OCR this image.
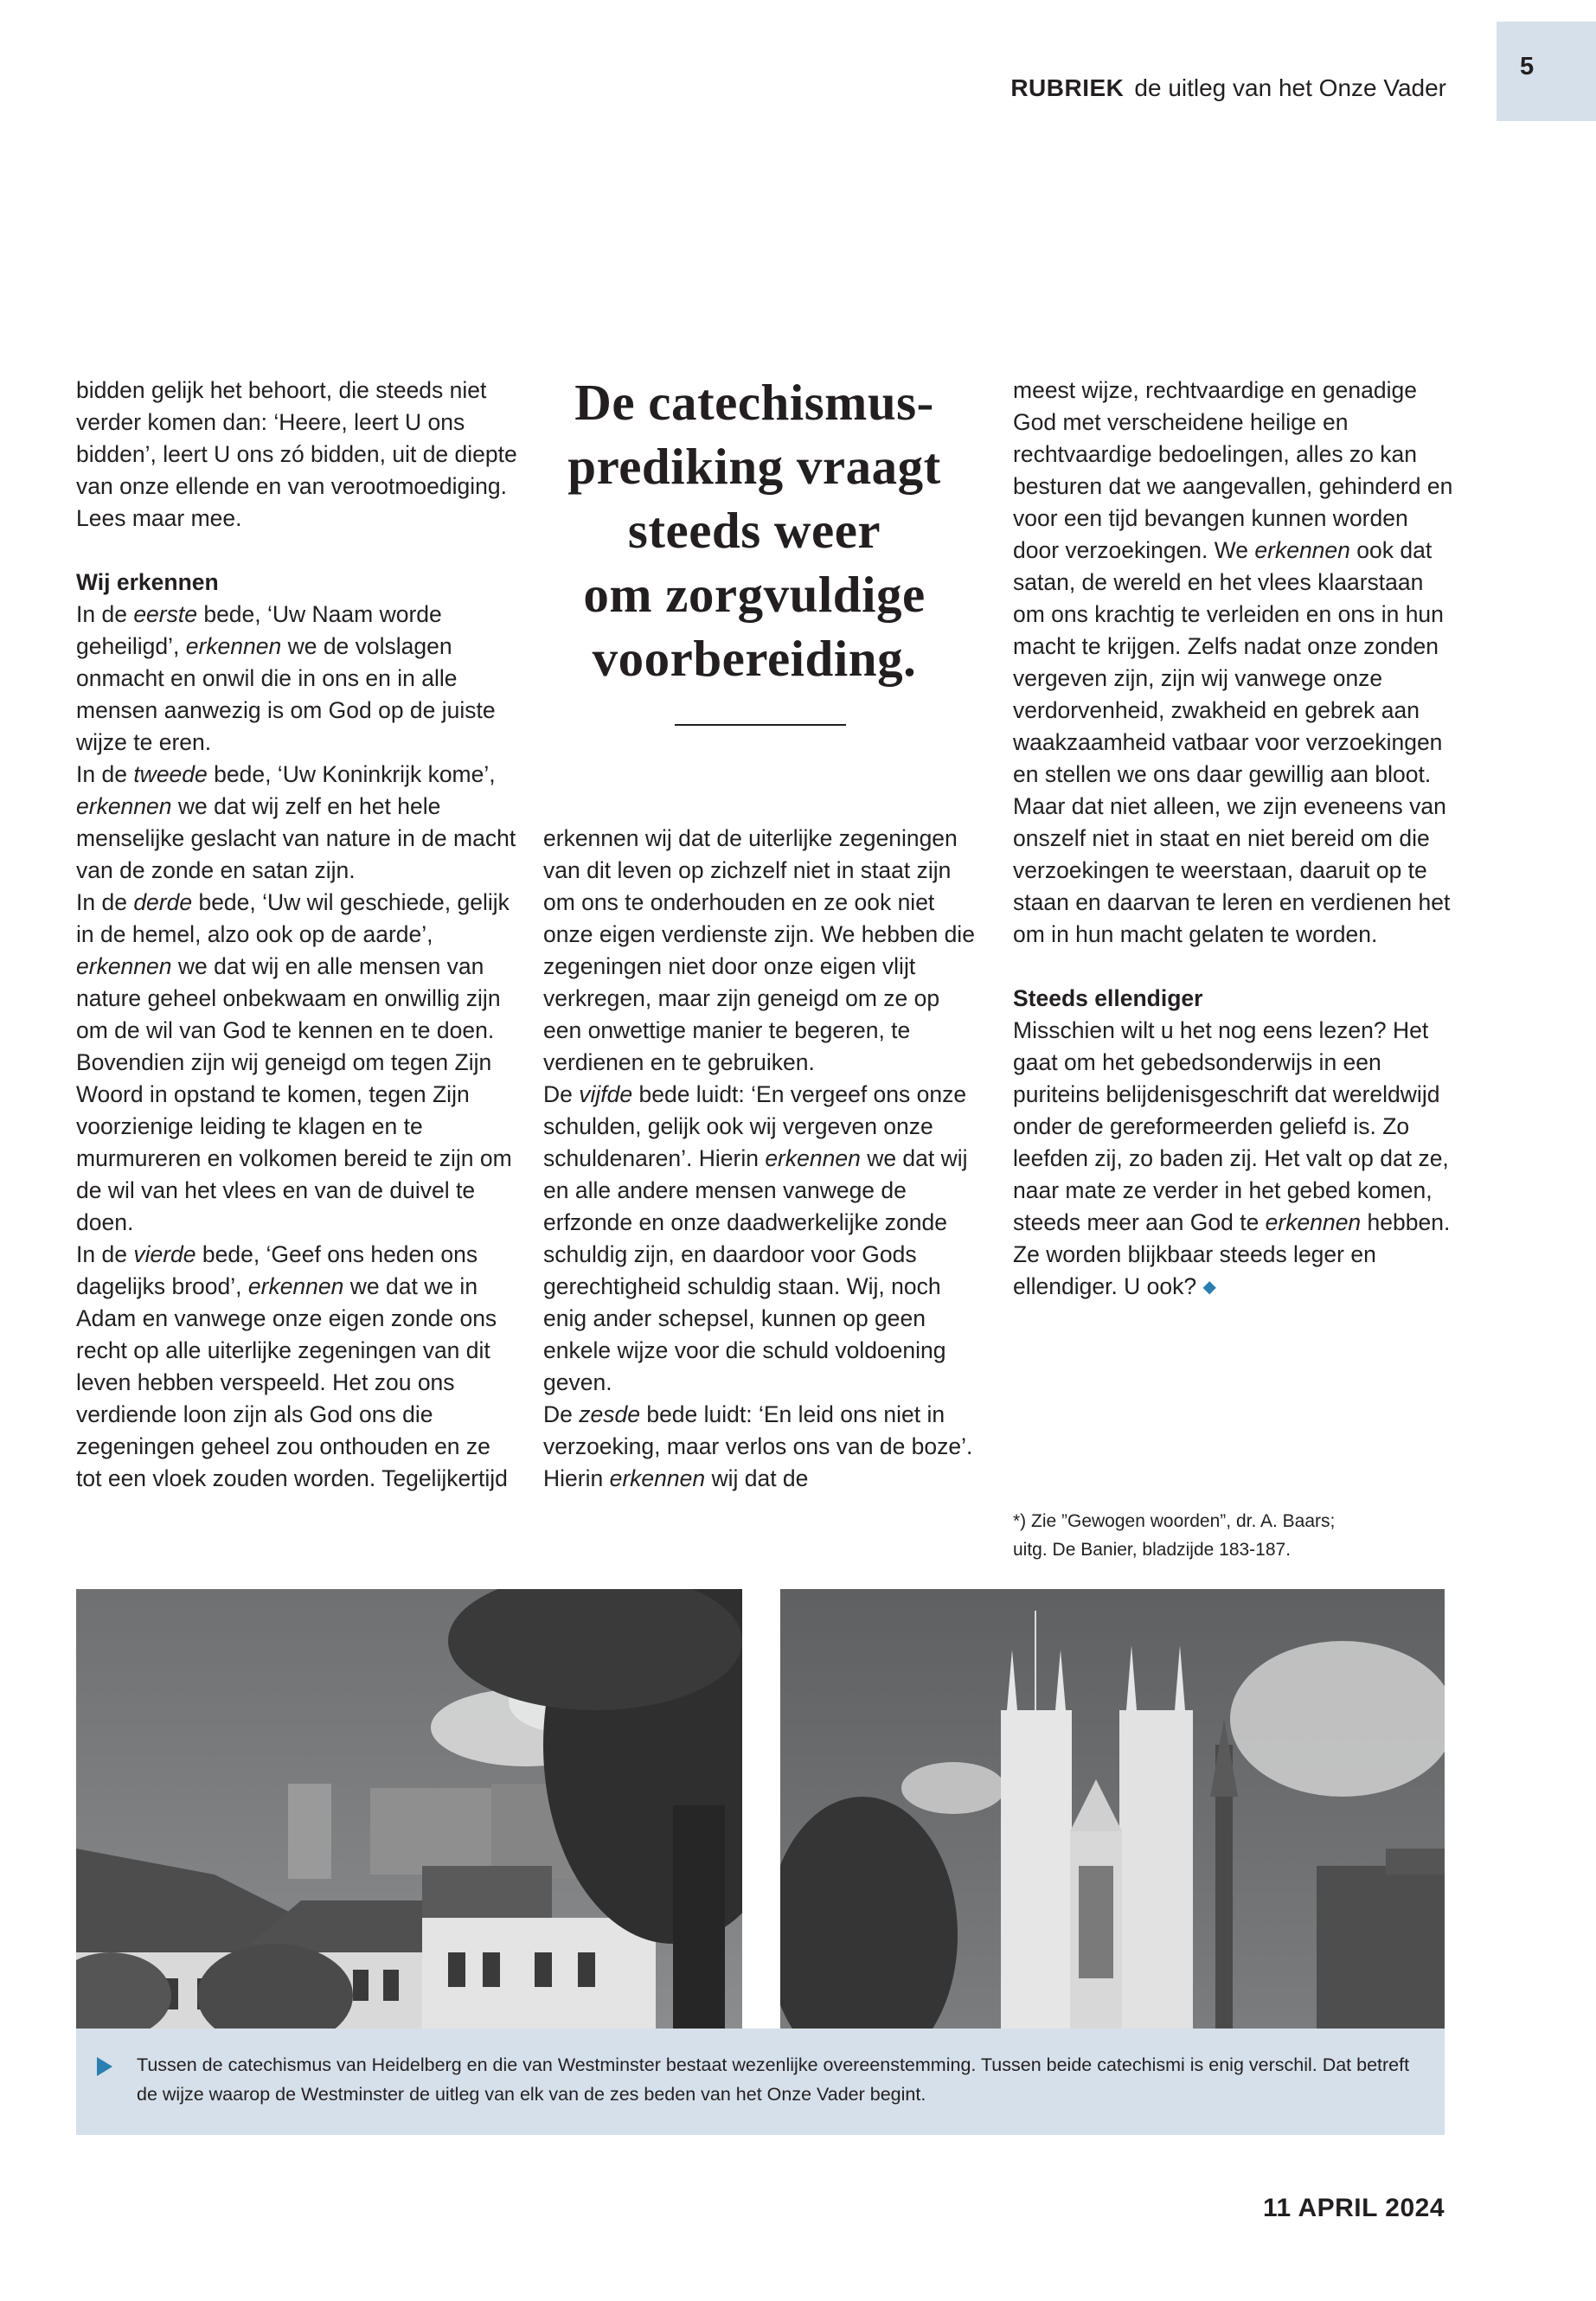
RUBRIEK de uitleg van het Onze Vader
5

bidden gelijk het behoort, die steeds niet verder komen dan: ‘Heere, leert U ons bidden’, leert U ons zó bidden, uit de diepte van onze ellende en van verootmoediging. Lees maar mee.

Wij erkennen

In de eerste bede, ‘Uw Naam worde geheiligd’, erkennen we de volslagen onmacht en onwil die in ons en in alle mensen aanwezig is om God op de juiste wijze te eren.

In de tweede bede, ‘Uw Koninkrijk kome’, erkennen we dat wij zelf en het hele menselijke geslacht van nature in de macht van de zonde en satan zijn.

In de derde bede, ‘Uw wil geschiede, gelijk in de hemel, alzo ook op de aarde’, erkennen we dat wij en alle mensen van nature geheel onbekwaam en onwillig zijn om de wil van God te kennen en te doen. Bovendien zijn wij geneigd om tegen Zijn Woord in opstand te komen, tegen Zijn voorzienige leiding te klagen en te murmureren en volkomen bereid te zijn om de wil van het vlees en van de duivel te doen.

In de vierde bede, ‘Geef ons heden ons dagelijks brood’, erkennen we dat we in Adam en vanwege onze eigen zonde ons recht op alle uiterlijke zegeningen van dit leven hebben verspeeld. Het zou ons verdiende loon zijn als God ons die zegeningen geheel zou onthouden en ze tot een vloek zouden worden. Tegelijkertijd

De catechismus-
prediking vraagt
steeds weer
om zorgvuldige
voorbereiding.

erkennen wij dat de uiterlijke zegeningen van dit leven op zichzelf niet in staat zijn om ons te onderhouden en ze ook niet onze eigen verdienste zijn. We hebben die zegeningen niet door onze eigen vlijt verkregen, maar zijn geneigd om ze op een onwettige manier te begeren, te verdienen en te gebruiken.

De vijfde bede luidt: ‘En vergeef ons onze schulden, gelijk ook wij vergeven onze schuldenaren’. Hierin erkennen we dat wij en alle andere mensen vanwege de erfzonde en onze daadwerkelijke zonde schuldig zijn, en daardoor voor Gods gerechtigheid schuldig staan. Wij, noch enig ander schepsel, kunnen op geen enkele wijze voor die schuld voldoening geven.

De zesde bede luidt: ‘En leid ons niet in verzoeking, maar verlos ons van de boze’. Hierin erkennen wij dat de

meest wijze, rechtvaardige en genadige God met verscheidene heilige en rechtvaardige bedoelingen, alles zo kan besturen dat we aangevallen, gehinderd en voor een tijd bevangen kunnen worden door verzoekingen. We erkennen ook dat satan, de wereld en het vlees klaarstaan om ons krachtig te verleiden en ons in hun macht te krijgen. Zelfs nadat onze zonden vergeven zijn, zijn wij vanwege onze verdorvenheid, zwakheid en gebrek aan waakzaamheid vatbaar voor verzoekingen en stellen we ons daar gewillig aan bloot. Maar dat niet alleen, we zijn eveneens van onszelf niet in staat en niet bereid om die verzoekingen te weerstaan, daaruit op te staan en daarvan te leren en verdienen het om in hun macht gelaten te worden.

Steeds ellendiger

Misschien wilt u het nog eens lezen? Het gaat om het gebedsonderwijs in een puriteins belijdenisgeschrift dat wereldwijd onder de gereformeerden geliefd is. Zo leefden zij, zo baden zij. Het valt op dat ze, naar mate ze verder in het gebed komen, steeds meer aan God te erkennen hebben. Ze worden blijkbaar steeds leger en ellendiger. U ook? ◆

*) Zie ”Gewogen woorden”, dr. A. Baars;
uitg. De Banier, bladzijde 183-187.
Tussen de catechismus van Heidelberg en die van Westminster bestaat wezenlijke overeenstemming. Tussen beide catechismi is enig verschil. Dat betreft de wijze waarop de Westminster de uitleg van elk van de zes beden van het Onze Vader begint.
11 APRIL 2024
